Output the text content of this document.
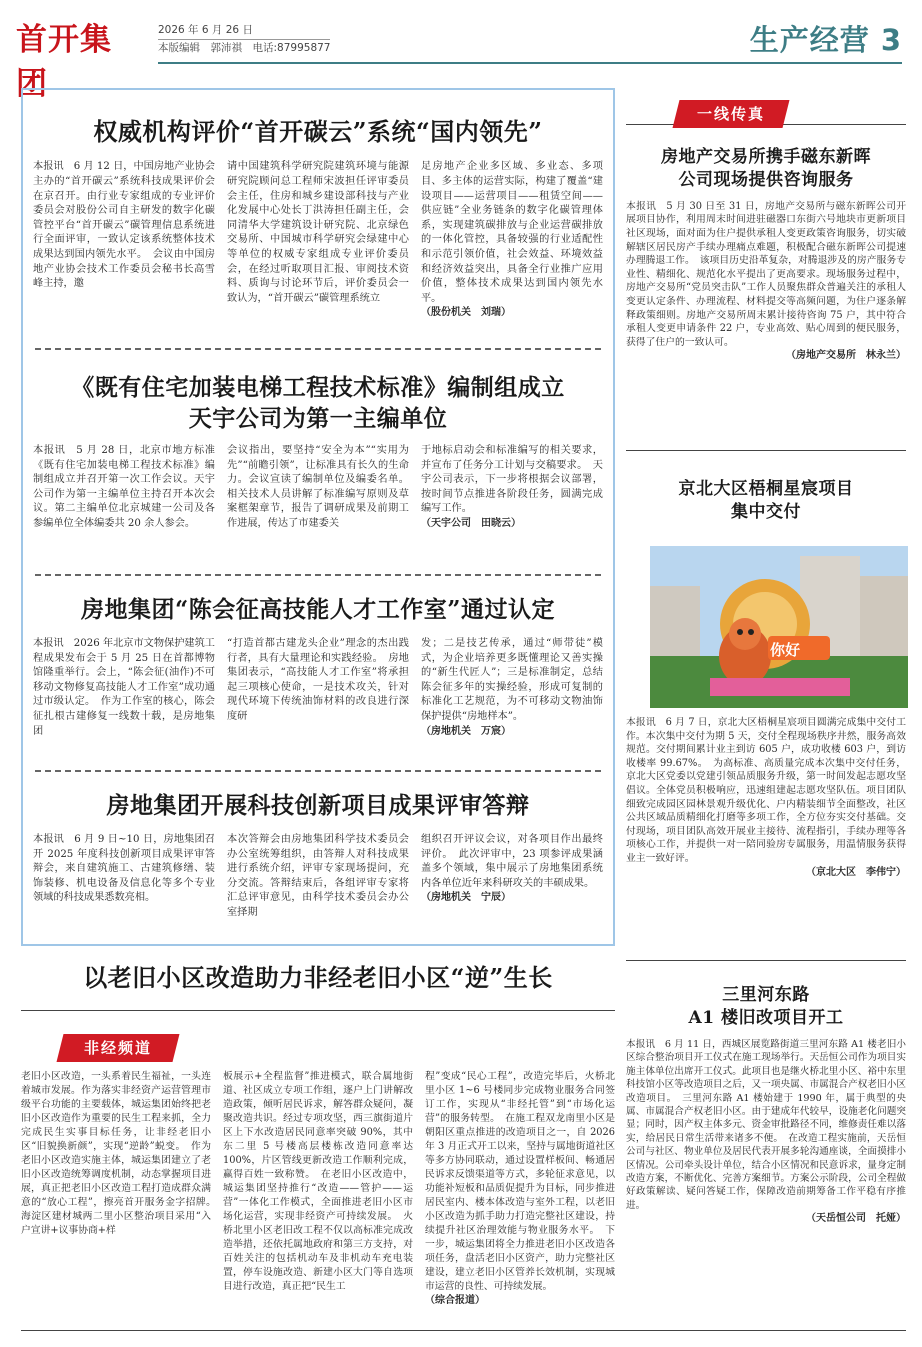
首开集团
2026 年 6 月 26 日
本版编辑　郭沛祺　电话:87995877	生产经营 3
权威机构评价“首开碳云”系统“国内领先”

本报讯　6 月 12 日，中国房地产业协会主办的“首开碳云”系统科技成果评价会在京召开。由行业专家组成的专业评价委员会对股份公司自主研发的数字化碳管控平台“首开碳云”碳管理信息系统进行全面评审，一致认定该系统整体技术成果达到国内领先水平。　会议由中国房地产业协会技术工作委员会秘书长高雪峰主持，邀

请中国建筑科学研究院建筑环境与能源研究院顾问总工程师宋波担任评审委员会主任，住房和城乡建设部科技与产业化发展中心处长丁洪涛担任副主任，会同清华大学建筑设计研究院、北京绿色交易所、中国城市科学研究会绿建中心等单位的权威专家组成专业评价委员会，在经过听取项目汇报、审阅技术资料、质询与讨论环节后，评价委员会一致认为，“首开碳云”碳管理系统立

足房地产企业多区域、多业态、多项目、多主体的运营实际，构建了覆盖“建设项目——运营项目——租赁空间——供应链”全业务链条的数字化碳管理体系，实现建筑碳排放与企业运营碳排放的一体化管控，具备较强的行业适配性和示范引领价值，社会效益、环境效益和经济效益突出，具备全行业推广应用价值，整体技术成果达到国内领先水平。
（股份机关　刘瑞）

《既有住宅加装电梯工程技术标准》编制组成立
天宇公司为第一主编单位

本报讯　5 月 28 日，北京市地方标准《既有住宅加装电梯工程技术标准》编制组成立并召开第一次工作会议。天宇公司作为第一主编单位主持召开本次会议。第二主编单位北京城建一公司及各参编单位全体编委共 20 余人参会。

会议指出，要坚持“安全为本”“实用为先”“前瞻引领”，让标准具有长久的生命力。会议宣读了编制单位及编委名单。相关技术人员讲解了标准编写原则及草案框架章节，报告了调研成果及前期工作进展，传达了市建委关

于地标启动会和标准编写的相关要求，并宣布了任务分工计划与交稿要求。　天宇公司表示，下一步将根据会议部署，按时间节点推进各阶段任务，圆满完成编写工作。
（天宇公司　田晓云）

房地集团“陈会征高技能人才工作室”通过认定

本报讯　2026 年北京市文物保护建筑工程成果发布会于 5 月 25 日在首都博物馆隆重举行。会上，“陈会征(油作)不可移动文物修复高技能人才工作室”成功通过市级认定。　作为工作室的核心，陈会征扎根古建修复一线数十载，是房地集团

“打造首都古建龙头企业”理念的杰出践行者，具有大量理论和实践经验。　房地集团表示，“高技能人才工作室”将承担起三项核心使命，一是技术攻关，针对现代环境下传统油饰材料的改良进行深度研

发；二是技艺传承，通过“师带徒”模式，为企业培养更多既懂理论又善实操的“新生代匠人”；三是标准制定，总结陈会征多年的实操经验，形成可复制的标准化工艺规范，为不可移动文物油饰保护提供“房地样本”。
（房地机关　万宸）

房地集团开展科技创新项目成果评审答辩

本报讯　6 月 9 日~10 日，房地集团召开 2025 年度科技创新项目成果评审答辩会，来自建筑施工、古建筑修缮、装饰装修、机电设备及信息化等多个专业领域的科技成果悉数亮相。

本次答辩会由房地集团科学技术委员会办公室统筹组织，由答辩人对科技成果进行系统介绍，评审专家现场提问，充分交流。答辩结束后，各组评审专家将汇总评审意见，由科学技术委员会办公室择期

组织召开评议会议，对各项目作出最终评价。　此次评审中，23 项参评成果涵盖多个领域，集中展示了房地集团系统内各单位近年来科研攻关的丰硕成果。
（房地机关　宁辰）

以老旧小区改造助力非经老旧小区“逆”生长
非经频道

老旧小区改造，一头系着民生福祉，一头连着城市发展。作为落实非经资产运营管理市级平台功能的主要载体，城运集团始终把老旧小区改造作为重要的民生工程来抓，全力完成民生实事目标任务，让非经老旧小区“旧貌换新颜”，实现“逆龄”蜕变。　作为老旧小区改造实施主体，城运集团建立了老旧小区改造统筹调度机制，动态掌握项目进展，真正把老旧小区改造工程打造成群众满意的“放心工程”，擦亮首开服务金字招牌。　海淀区建材城两二里小区整治项目采用“入户宣讲+议事协商+样

板展示+全程监督”推进模式，联合属地街道、社区成立专项工作组，逐户上门讲解改造政策，倾听居民诉求，解答群众疑问，凝聚改造共识。经过专项攻坚，西三旗街道片区上下水改造居民同意率突破 90%，其中东二里 5 号楼高层楼栋改造同意率达 100%，片区管线更新改造工作顺利完成，赢得百姓一致称赞。　在老旧小区改造中，城运集团坚持推行“改造——管护——运营”一体化工作模式，全面推进老旧小区市场化运营，实现非经资产可持续发展。　火桥北里小区老旧改工程不仅以高标准完成改造举措，还依托属地政府和第三方支持，对百姓关注的包括机动车及非机动车充电装置，停车设施改造、新建小区大门等自选项目进行改造，真正把“民生工

程”变成“民心工程”，改造完毕后，火桥北里小区 1~6 号楼同步完成物业服务合同签订工作，实现从“非经托管”到“市场化运营”的服务转型。　在施工程双龙南里小区是朝阳区重点推进的改造项目之一，自 2026 年 3 月正式开工以来，坚持与属地街道社区等多方协同联动，通过设置样板间、畅通居民诉求反馈渠道等方式，多轮征求意见，以功能补短板和品质促提升为目标，同步推进居民室内、楼本体改造与室外工程，以老旧小区改造为抓手助力打造完整社区建设，持续提升社区治理效能与物业服务水平。　下一步，城运集团将全力推进老旧小区改造各项任务，盘活老旧小区资产，助力完整社区建设，建立老旧小区管养长效机制，实现城市运营的良性、可持续发展。
（综合报道）

一线传真
房地产交易所携手磁东新晖
公司现场提供咨询服务
本报讯　5 月 30 日至 31 日，房地产交易所与磁东新晖公司开展项目协作，利用周末时间进驻磁器口东街六号地块市更新项目社区现场，面对面为住户提供承租人变更政策咨询服务，切实破解辖区居民房产手续办理痛点难题，积极配合磁东新晖公司提速办理腾退工作。　该项目历史沿革复杂，对腾退涉及的房产服务专业性、精细化、规范化水平提出了更高要求。现场服务过程中，房地产交易所“党员突击队”工作人员聚焦群众普遍关注的承租人变更认定条件、办理流程、材料提交等高频问题，为住户逐条解释政策细则。房地产交易所周末累计接待咨询 75 户，其中符合承租人变更申请条件 22 户，专业高效、贴心周到的便民服务，获得了住户的一致认可。

（房地产交易所　林永兰）
京北大区梧桐星宸项目
集中交付
你好
本报讯　6 月 7 日，京北大区梧桐星宸项目圆满完成集中交付工作。本次集中交付为期 5 天，交付全程现场秩序井然，服务高效规范。交付期间累计业主到访 605 户，成功收楼 603 户，到访收楼率 99.67%。　为高标准、高质量完成本次集中交付任务，京北大区党委以党建引领品质服务升级，第一时间发起志愿攻坚倡议。全体党员积极响应，迅速组建起志愿攻坚队伍。项目团队细致完成园区园林景观升级优化、户内精装细节全面整改，社区公共区域品质精细化打磨等多项工作，全方位夯实交付基础。交付现场，项目团队高效开展业主接待、流程指引，手续办理等各项核心工作，并提供一对一陪同验房专属服务，用温情服务获得业主一致好评。

（京北大区　李伟宁）
三里河东路
A1 楼旧改项目开工
本报讯　6 月 11 日，西城区展览路街道三里河东路 A1 楼老旧小区综合整治项目开工仪式在施工现场举行。天岳恒公司作为项目实施主体单位出席开工仪式。此项目也是继火桥北里小区、裕中东里科技馆小区等改造项目之后，又一项央属、市属混合产权老旧小区改造项目。　三里河东路 A1 楼始建于 1990 年，属于典型的央属、市属混合产权老旧小区。由于建成年代较早，设施老化问题突显；同时，因产权主体多元、资金审批路径不同，维修责任难以落实，给居民日常生活带来诸多不便。　在改造工程实施前，天岳恒公司与社区、物业单位及居民代表开展多轮沟通座谈，全面摸排小区情况。公司牵头设计单位，结合小区情况和民意诉求，量身定制改造方案，不断优化、完善方案细节。方案公示阶段，公司全程做好政策解读、疑问答疑工作，保障改造前期筹备工作平稳有序推进。

（天岳恒公司　托娅）
